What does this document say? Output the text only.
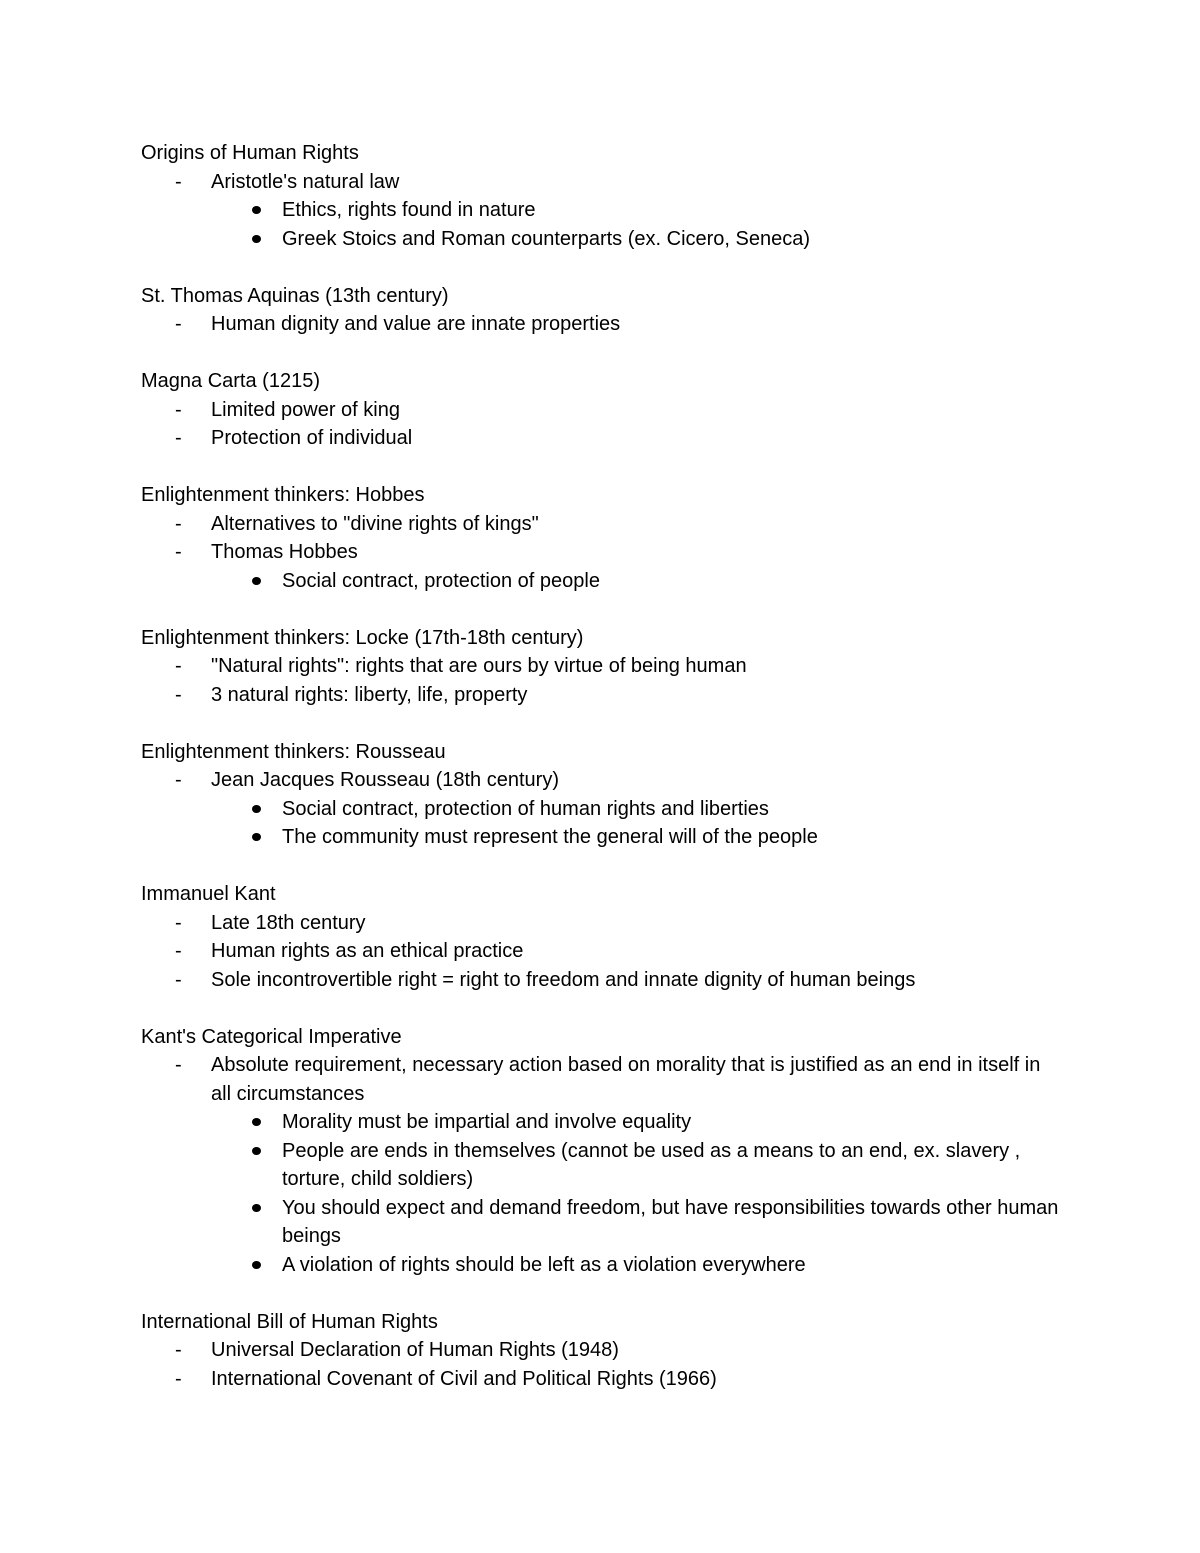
Origins of Human Rights
- Aristotle's natural law
Ethics, rights found in nature
Greek Stoics and Roman counterparts (ex. Cicero, Seneca)
St. Thomas Aquinas (13th century)
- Human dignity and value are innate properties
Magna Carta (1215)
- Limited power of king
- Protection of individual
Enlightenment thinkers: Hobbes
- Alternatives to "divine rights of kings"
- Thomas Hobbes
Social contract, protection of people
Enlightenment thinkers: Locke (17th-18th century)
- "Natural rights": rights that are ours by virtue of being human
- 3 natural rights: liberty, life, property
Enlightenment thinkers: Rousseau
- Jean Jacques Rousseau (18th century)
Social contract, protection of human rights and liberties
The community must represent the general will of the people
Immanuel Kant
- Late 18th century
- Human rights as an ethical practice
- Sole incontrovertible right = right to freedom and innate dignity of human beings
Kant's Categorical Imperative
- Absolute requirement, necessary action based on morality that is justified as an end in itself in all circumstances
Morality must be impartial and involve equality
People are ends in themselves (cannot be used as a means to an end, ex. slavery , torture, child soldiers)
You should expect and demand freedom, but have responsibilities towards other human beings
A violation of rights should be left as a violation everywhere
International Bill of Human Rights
- Universal Declaration of Human Rights (1948)
- International Covenant of Civil and Political Rights (1966)
